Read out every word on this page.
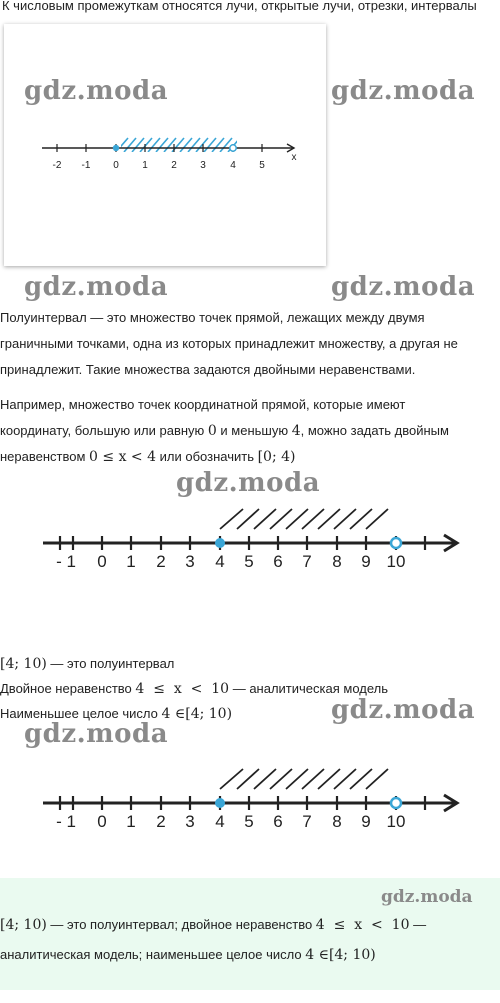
К числовым промежуткам относятся лучи, открытые лучи, отрезки, интервалы
-2 -1 0 1 2 3 4 5
x
gdz.moda	gdz.moda
gdz.moda	gdz.moda
Полуинтервал — это множество точек прямой, лежащих между двумя
граничными точками, одна из которых принадлежит множеству, а другая не
принадлежит. Такие множества задаются двойными неравенствами.
Например, множество точек координатной прямой, которые имеют
координату, большую или равную 0 и меньшую 4, можно задать двойным
неравенством 0 ≤ x < 4 или обозначить [0; 4)
gdz.moda
- 1 0 1 2 3 4 5 6 7 8 9 10
[4; 10) — это полуинтервал
Двойное неравенство 4  ≤  x  <  10 — аналитическая модель
Наименьшее целое число 4 ∈[4; 10)	gdz.moda
gdz.moda
- 1 0 1 2 3 4 5 6 7 8 9 10
gdz.moda
[4; 10) — это полуинтервал; двойное неравенство 4  ≤  x  <  10 —
аналитическая модель; наименьшее целое число 4 ∈[4; 10)
